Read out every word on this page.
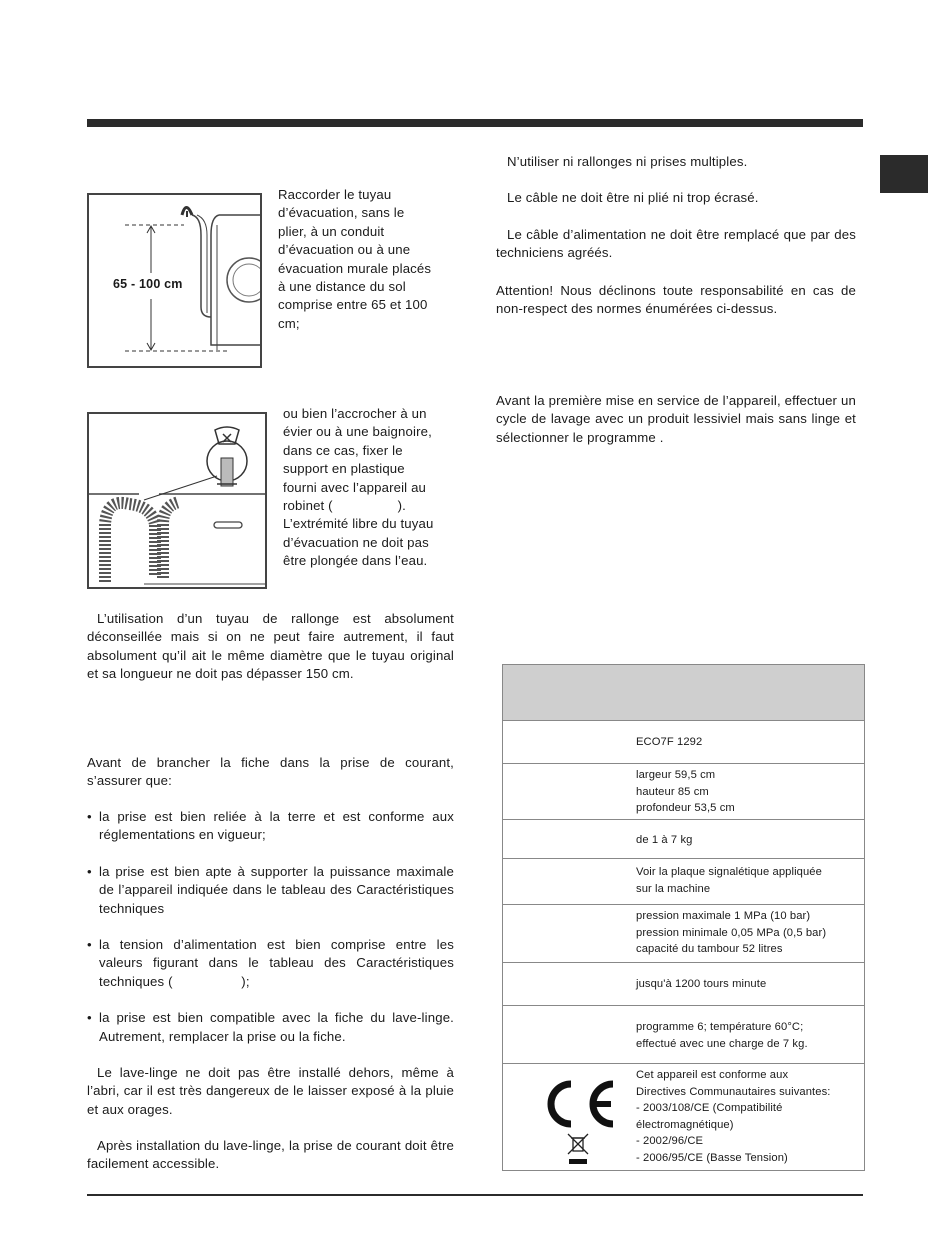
65 - 100 cm

Raccorder le tuyau

d’évacuation, sans le

plier, à un conduit

d’évacuation ou à une

évacuation murale placés

à une distance du sol

comprise entre 65 et 100

cm;

ou bien l’accrocher à un

évier ou à une baignoire,

dans ce cas, fixer le

support en plastique

fourni avec l’appareil au

robinet (                 ).

L’extrémité libre du tuyau

d’évacuation ne doit pas

être plongée dans l’eau.

L’utilisation d’un tuyau de rallonge est absolument déconseillée mais si on ne peut faire autrement, il faut absolument qu’il ait le même diamètre que le tuyau original et sa longueur ne doit pas dépasser 150 cm.
Avant de brancher la fiche dans la prise de courant, s’assurer que:
• la prise est bien reliée à la terre et est conforme aux réglementations en vigueur;
• la prise est bien apte à supporter la puissance maximale de l’appareil indiquée dans le tableau des Caractéristiques techniques
• la tension d’alimentation est bien comprise entre les valeurs figurant dans le tableau des Caractéristiques techniques (                  );
• la prise est bien compatible avec la fiche du lave-linge. Autrement, remplacer la prise ou la fiche.
Le lave-linge ne doit pas être installé dehors, même à l’abri, car il est très dangereux de le laisser exposé à la pluie et aux orages.
Après installation du lave-linge, la prise de courant doit être facilement accessible.
N’utiliser ni rallonges ni prises multiples.
Le câble ne doit être ni plié ni trop écrasé.
Le câble d’alimentation ne doit être remplacé que par des techniciens agréés.
Attention! Nous déclinons toute responsabilité en cas de non-respect des normes énumérées ci-dessus.
Avant la première mise en service de l’appareil, effectuer un cycle de lavage avec un produit lessiviel mais sans linge et sélectionner le programme .
ECO7F 1292
largeur 59,5 cm
hauteur 85 cm
profondeur 53,5 cm
de 1 à 7 kg
Voir la plaque signalétique appliquée
sur la machine
pression maximale 1 MPa (10 bar)
pression minimale 0,05 MPa (0,5 bar)
capacité du tambour 52 litres
jusqu'à 1200 tours minute
programme 6; température 60°C;
effectué avec une charge de 7 kg.
Cet appareil est conforme aux
Directives Communautaires suivantes:
- 2003/108/CE (Compatibilité
électromagnétique)
- 2002/96/CE
- 2006/95/CE (Basse Tension)
